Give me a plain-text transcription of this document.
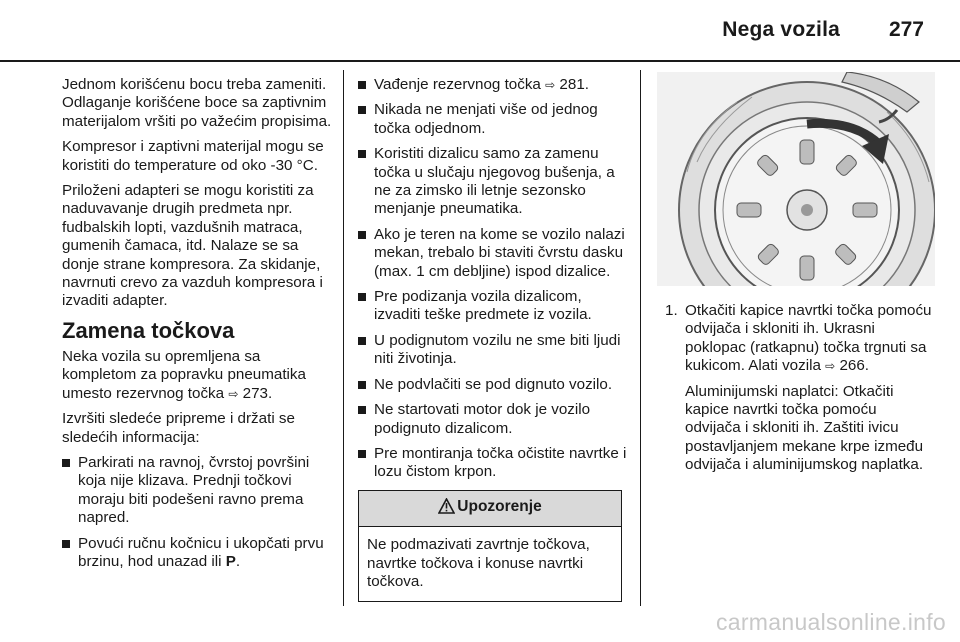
Nega vozila 277

Jednom korišćenu bocu treba zameniti. Odlaganje korišćene boce sa zaptivnim materijalom vršiti po važećim propisima.

Kompresor i zaptivni materijal mogu se koristiti do temperature od oko -30 °C.

Priloženi adapteri se mogu koristiti za naduvavanje drugih predmeta npr. fudbalskih lopti, vazdušnih matraca, gumenih čamaca, itd. Nalaze se sa donje strane kompresora. Za skidanje, navrnuti crevo za vazduh kompresora i izvaditi adapter.

Zamena točkova

Neka vozila su opremljena sa kompletom za popravku pneumatika umesto rezervnog točka ⇨ 273.

Izvršiti sledeće pripreme i držati se sledećih informacija:

Parkirati na ravnoj, čvrstoj površini koja nije klizava. Prednji točkovi moraju biti podešeni ravno prema napred.
Povući ručnu kočnicu i ukopčati prvu brzinu, hod unazad ili P.
Vađenje rezervnog točka ⇨ 281.
Nikada ne menjati više od jednog točka odjednom.
Koristiti dizalicu samo za zamenu točka u slučaju njegovog bušenja, a ne za zimsko ili letnje sezonsko menjanje pneumatika.
Ako je teren na kome se vozilo nalazi mekan, trebalo bi staviti čvrstu dasku (max. 1 cm debljine) ispod dizalice.
Pre podizanja vozila dizalicom, izvaditi teške predmete iz vozila.
U podignutom vozilu ne sme biti ljudi niti životinja.
Ne podvlačiti se pod dignuto vozilo.
Ne startovati motor dok je vozilo podignuto dizalicom.
Pre montiranja točka očistite navrtke i lozu čistom krpon.
Upozorenje
Ne podmazivati zavrtnje točkova, navrtke točkova i konuse navrtki točkova.
1. Otkačiti kapice navrtki točka pomoću odvijača i skloniti ih. Ukrasni poklopac (ratkapnu) točka trgnuti sa kukicom. Alati vozila ⇨ 266.

Aluminijumski naplatci: Otkačiti kapice navrtki točka pomoću odvijača i skloniti ih. Zaštiti ivicu postavljanjem mekane krpe između odvijača i aluminijumskog naplatka.

carmanualsonline.info
